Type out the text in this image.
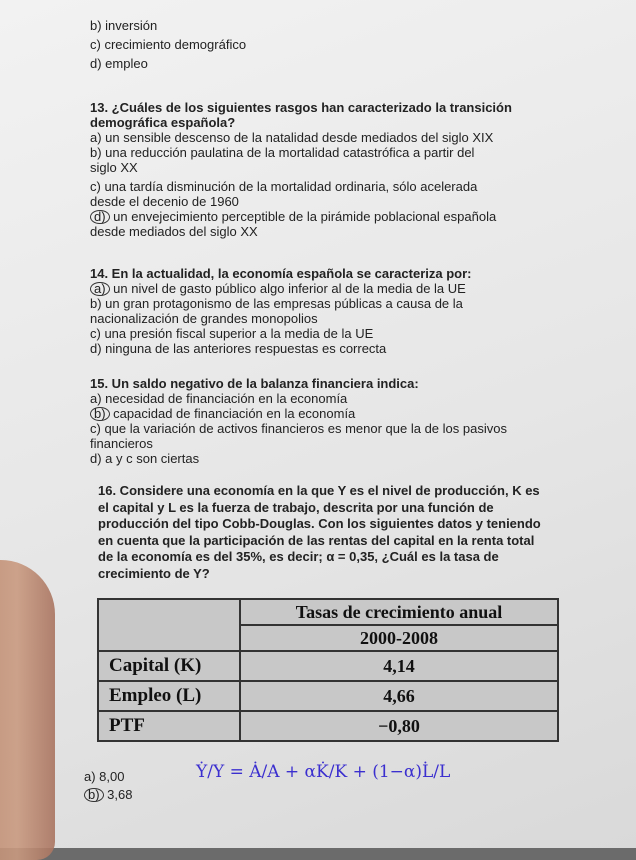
b) inversión
c) crecimiento demográfico
d) empleo
13. ¿Cuáles de los siguientes rasgos han caracterizado la transición
demográfica española?
a) un sensible descenso de la natalidad desde mediados del siglo XIX
b) una reducción paulatina de la mortalidad catastrófica a partir del
siglo XX
c) una tardía disminución de la mortalidad ordinaria, sólo acelerada
desde el decenio de 1960
d) un envejecimiento perceptible de la pirámide poblacional española
desde mediados del siglo XX
14. En la actualidad, la economía española se caracteriza por:
a) un nivel de gasto público algo inferior al de la media de la UE
b) un gran protagonismo de las empresas públicas a causa de la
nacionalización de grandes monopolios
c) una presión fiscal superior a la media de la UE
d) ninguna de las anteriores respuestas es correcta
15. Un saldo negativo de la balanza financiera indica:
a) necesidad de financiación en la economía
b) capacidad de financiación en la economía
c) que la variación de activos financieros es menor que la de los pasivos
financieros
d) a y c son ciertas
16. Considere una economía en la que Y es el nivel de producción, K es
el capital y L es la fuerza de trabajo, descrita por una función de
producción del tipo Cobb-Douglas. Con los siguientes datos y teniendo
en cuenta que la participación de las rentas del capital en la renta total
de la economía es del 35%, es decir; α = 0,35, ¿Cuál es la tasa de
crecimiento de Y?
	Tasas de crecimiento anual
	2000-2008
Capital (K)	4,14
Empleo (L)	4,66
PTF	−0,80
a) 8,00
b) 3,68
Ẏ/Y = Ȧ/A + αK̇/K + (1−α)L̇/L
